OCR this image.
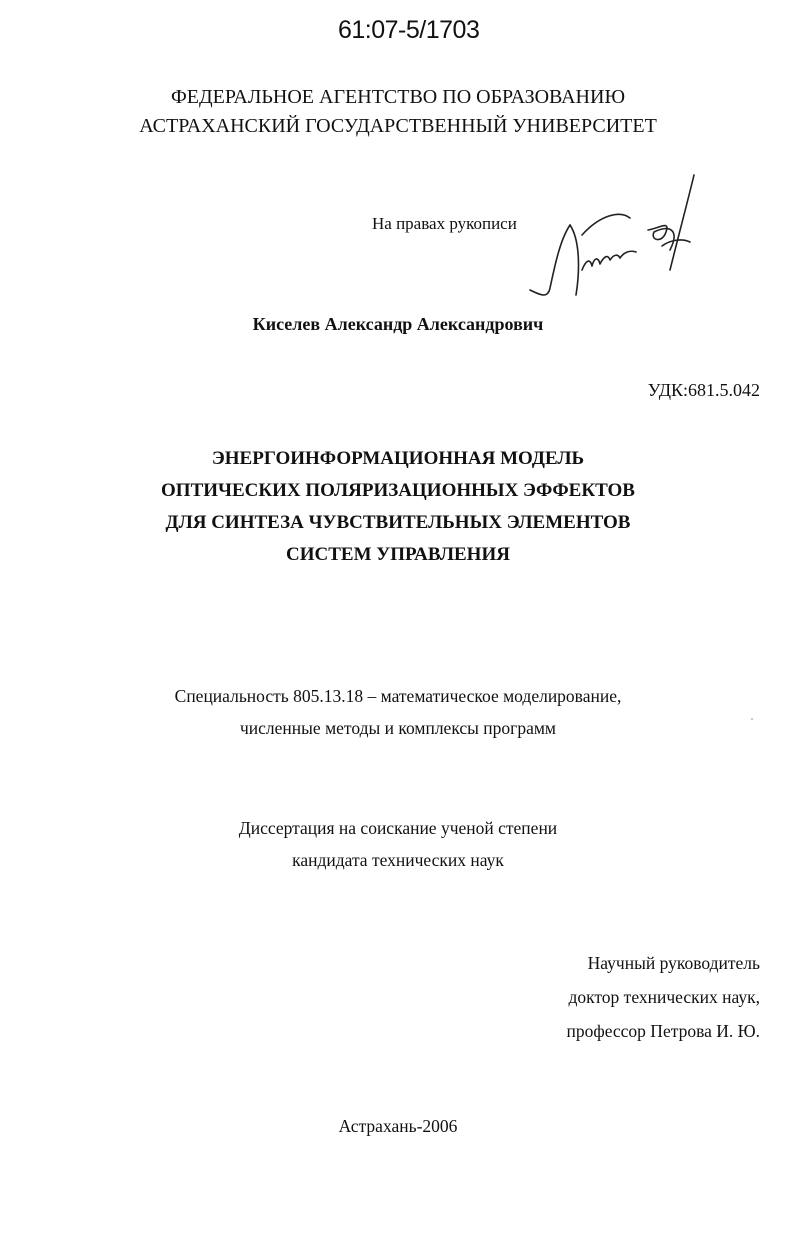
61:07-5/1703
ФЕДЕРАЛЬНОЕ АГЕНТСТВО ПО ОБРАЗОВАНИЮ
АСТРАХАНСКИЙ ГОСУДАРСТВЕННЫЙ УНИВЕРСИТЕТ
На правах рукописи
Киселев Александр Александрович
УДК:681.5.042
ЭНЕРГОИНФОРМАЦИОННАЯ МОДЕЛЬ
ОПТИЧЕСКИХ ПОЛЯРИЗАЦИОННЫХ ЭФФЕКТОВ
ДЛЯ СИНТЕЗА ЧУВСТВИТЕЛЬНЫХ ЭЛЕМЕНТОВ
СИСТЕМ УПРАВЛЕНИЯ
Специальность 805.13.18 – математическое моделирование,
численные методы и комплексы программ
Диссертация на соискание ученой степени
кандидата технических наук
Научный руководитель
доктор технических наук,
профессор Петрова И. Ю.
Астрахань-2006
